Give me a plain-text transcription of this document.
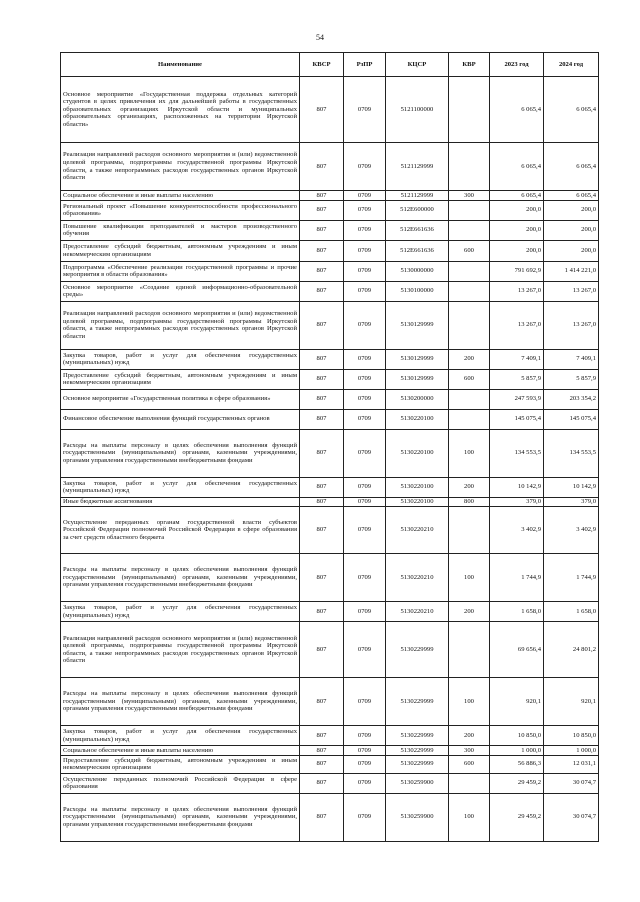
54
Наименование	КВСР	РзПР	КЦСР	КВР	2023 год	2024 год
Основное мероприятие «Государственная поддержка отдельных категорий студентов в целях привлечения их для дальнейшей работы в государственных образовательных организациях Иркутской области и муниципальных образовательных организациях, расположенных на территории Иркутской области»	807	0709	5121100000		6 065,4	6 065,4
Реализация направлений расходов основного мероприятия и (или) ведомственной целевой программы, подпрограммы государственной программы Иркутской области, а также непрограммных расходов государственных органов Иркутской области	807	0709	5121129999		6 065,4	6 065,4
Социальное обеспечение и иные выплаты населению	807	0709	5121129999	300	6 065,4	6 065,4
Региональный проект «Повышение конкурентоспособности профессионального образования»	807	0709	512E600000		200,0	200,0
Повышение квалификации преподавателей и мастеров производственного обучения	807	0709	512E661636		200,0	200,0
Предоставление субсидий бюджетным, автономным учреждениям и иным некоммерческим организациям	807	0709	512E661636	600	200,0	200,0
Подпрограмма «Обеспечение реализации государственной программы и прочие мероприятия в области образования»	807	0709	5130000000		791 692,9	1 414 221,0
Основное мероприятие «Создание единой информационно-образовательной среды»	807	0709	5130100000		13 267,0	13 267,0
Реализация направлений расходов основного мероприятия и (или) ведомственной целевой программы, подпрограммы государственной программы Иркутской области, а также непрограммных расходов государственных органов Иркутской области	807	0709	5130129999		13 267,0	13 267,0
Закупка товаров, работ и услуг для обеспечения государственных (муниципальных) нужд	807	0709	5130129999	200	7 409,1	7 409,1
Предоставление субсидий бюджетным, автономным учреждениям и иным некоммерческим организациям	807	0709	5130129999	600	5 857,9	5 857,9
Основное мероприятие «Государственная политика в сфере образования»	807	0709	5130200000		247 593,9	203 354,2
Финансовое обеспечение выполнения функций государственных органов	807	0709	5130220100		145 075,4	145 075,4
Расходы на выплаты персоналу в целях обеспечения выполнения функций государственными (муниципальными) органами, казенными учреждениями, органами управления государственными внебюджетными фондами	807	0709	5130220100	100	134 553,5	134 553,5
Закупка товаров, работ и услуг для обеспечения государственных (муниципальных) нужд	807	0709	5130220100	200	10 142,9	10 142,9
Иные бюджетные ассигнования	807	0709	5130220100	800	379,0	379,0
Осуществление переданных органам государственной власти субъектов Российской Федерации полномочий Российской Федерации в сфере образования за счет средств областного бюджета	807	0709	5130220210		3 402,9	3 402,9
Расходы на выплаты персоналу в целях обеспечения выполнения функций государственными (муниципальными) органами, казенными учреждениями, органами управления государственными внебюджетными фондами	807	0709	5130220210	100	1 744,9	1 744,9
Закупка товаров, работ и услуг для обеспечения государственных (муниципальных) нужд	807	0709	5130220210	200	1 658,0	1 658,0
Реализация направлений расходов основного мероприятия и (или) ведомственной целевой программы, подпрограммы государственной программы Иркутской области, а также непрограммных расходов государственных органов Иркутской области	807	0709	5130229999		69 656,4	24 801,2
Расходы на выплаты персоналу в целях обеспечения выполнения функций государственными (муниципальными) органами, казенными учреждениями, органами управления государственными внебюджетными фондами	807	0709	5130229999	100	920,1	920,1
Закупка товаров, работ и услуг для обеспечения государственных (муниципальных) нужд	807	0709	5130229999	200	10 850,0	10 850,0
Социальное обеспечение и иные выплаты населению	807	0709	5130229999	300	1 000,0	1 000,0
Предоставление субсидий бюджетным, автономным учреждениям и иным некоммерческим организациям	807	0709	5130229999	600	56 886,3	12 031,1
Осуществление переданных полномочий Российской Федерации в сфере образования	807	0709	5130259900		29 459,2	30 074,7
Расходы на выплаты персоналу в целях обеспечения выполнения функций государственными (муниципальными) органами, казенными учреждениями, органами управления государственными внебюджетными фондами	807	0709	5130259900	100	29 459,2	30 074,7
